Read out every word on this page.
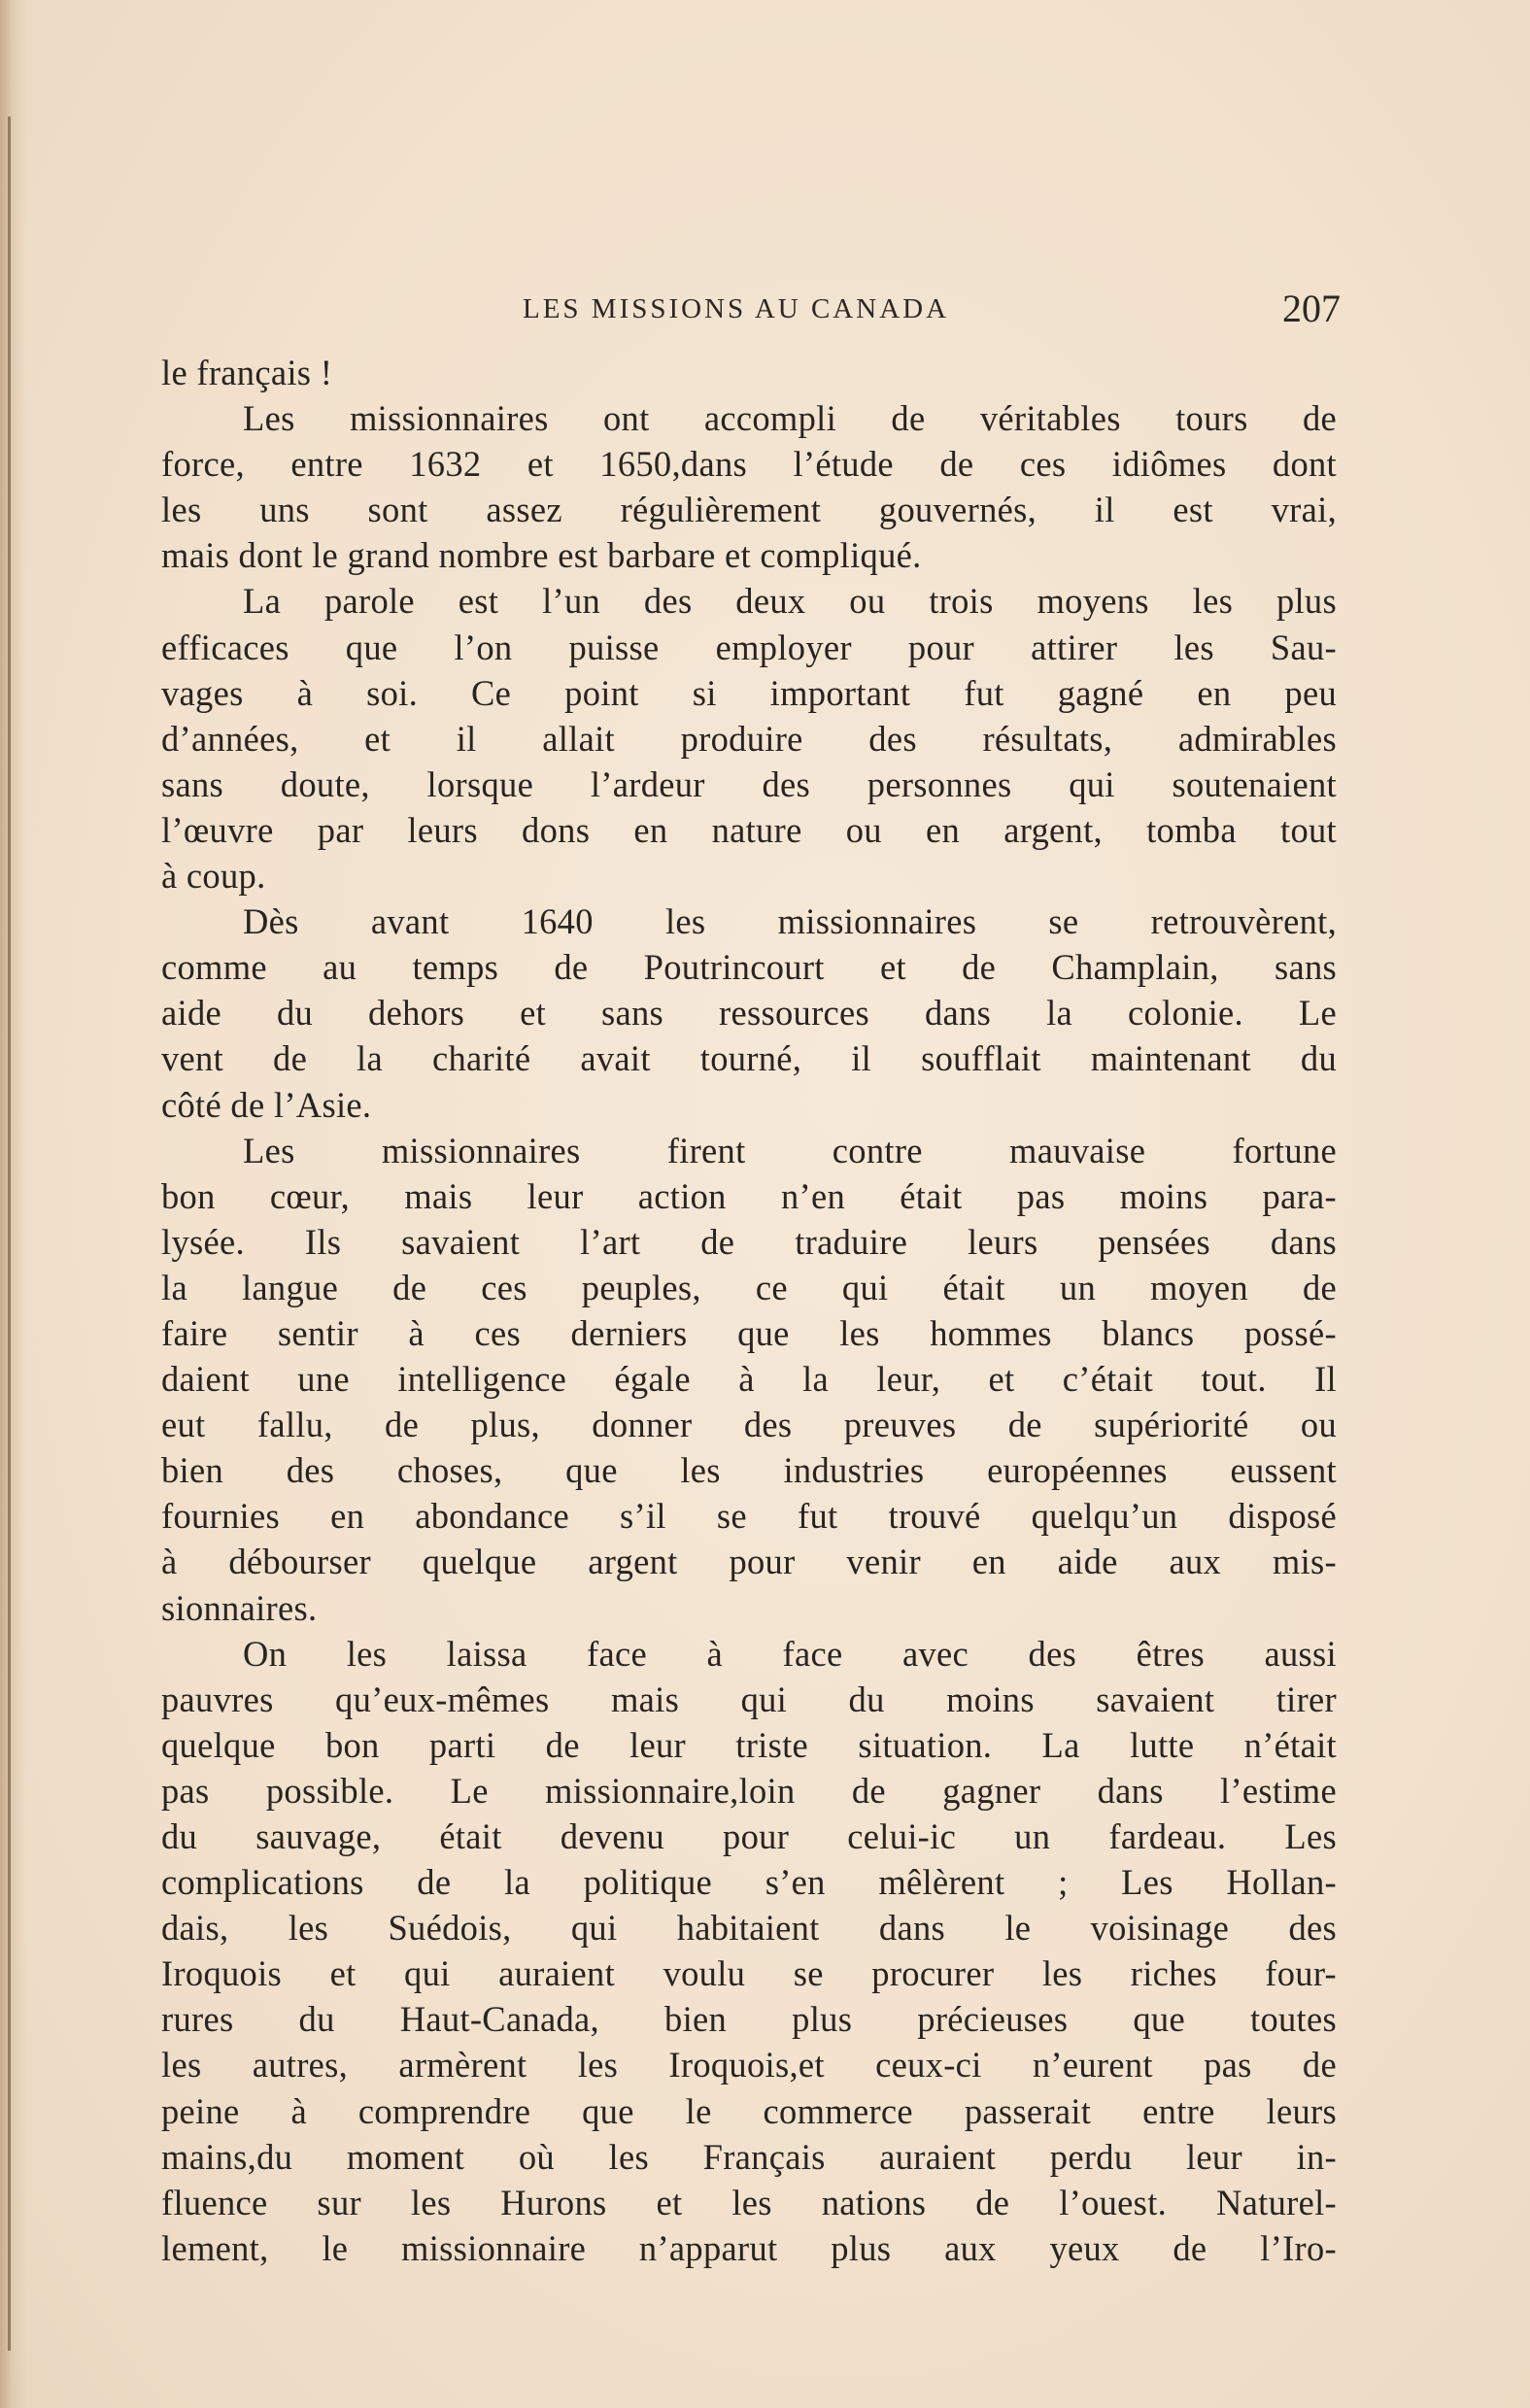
LES MISSIONS AU CANADA	207
le français !
Les missionnaires ont accompli de véritables tours de
force, entre 1632 et 1650,dans l’étude de ces idiômes dont
les uns sont assez régulièrement gouvernés, il est vrai,
mais dont le grand nombre est barbare et compliqué.
La parole est l’un des deux ou trois moyens les plus
efficaces que l’on puisse employer pour attirer les Sau-
vages à soi. Ce point si important fut gagné en peu
d’années, et il allait produire des résultats, admirables
sans doute, lorsque l’ardeur des personnes qui soutenaient
l’œuvre par leurs dons en nature ou en argent, tomba tout
à coup.
Dès avant 1640 les missionnaires se retrouvèrent,
comme au temps de Poutrincourt et de Champlain, sans
aide du dehors et sans ressources dans la colonie. Le
vent de la charité avait tourné, il soufflait maintenant du
côté de l’Asie.
Les missionnaires firent contre mauvaise fortune
bon cœur, mais leur action n’en était pas moins para-
lysée. Ils savaient l’art de traduire leurs pensées dans
la langue de ces peuples, ce qui était un moyen de
faire sentir à ces derniers que les hommes blancs possé-
daient une intelligence égale à la leur, et c’était tout. Il
eut fallu, de plus, donner des preuves de supériorité ou
bien des choses, que les industries européennes eussent
fournies en abondance s’il se fut trouvé quelqu’un disposé
à débourser quelque argent pour venir en aide aux mis-
sionnaires.
On les laissa face à face avec des êtres aussi
pauvres qu’eux-mêmes mais qui du moins savaient tirer
quelque bon parti de leur triste situation. La lutte n’était
pas possible. Le missionnaire,loin de gagner dans l’estime
du sauvage, était devenu pour celui-ic un fardeau. Les
complications de la politique s’en mêlèrent ; Les Hollan-
dais, les Suédois, qui habitaient dans le voisinage des
Iroquois et qui auraient voulu se procurer les riches four-
rures du Haut-Canada, bien plus précieuses que toutes
les autres, armèrent les Iroquois,et ceux-ci n’eurent pas de
peine à comprendre que le commerce passerait entre leurs
mains,du moment où les Français auraient perdu leur in-
fluence sur les Hurons et les nations de l’ouest. Naturel-
lement, le missionnaire n’apparut plus aux yeux de l’Iro-
